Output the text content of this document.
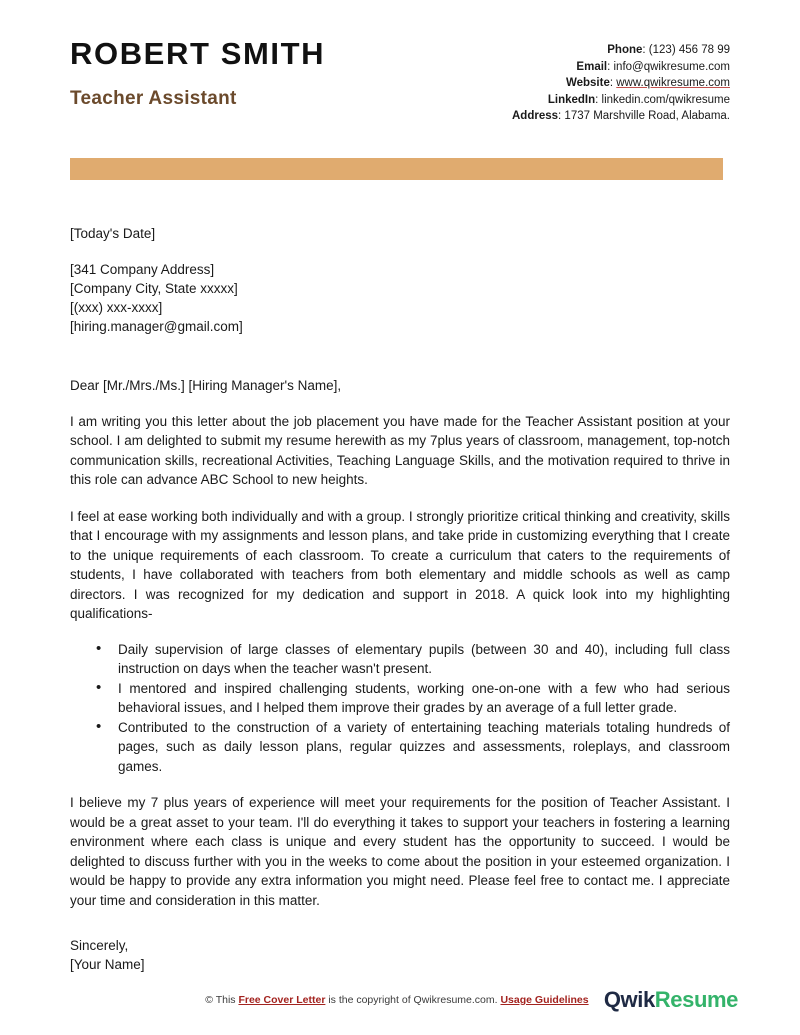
ROBERT SMITH
Teacher Assistant
Phone: (123) 456 78 99
Email: info@qwikresume.com
Website: www.qwikresume.com
LinkedIn: linkedin.com/qwikresume
Address: 1737 Marshville Road, Alabama.
[Today's Date]
[341 Company Address]
[Company City, State xxxxx]
[(xxx) xxx-xxxx]
[hiring.manager@gmail.com]
Dear [Mr./Mrs./Ms.] [Hiring Manager's Name],

I am writing you this letter about the job placement you have made for the Teacher Assistant position at your school. I am delighted to submit my resume herewith as my 7plus years of classroom, management, top-notch communication skills, recreational Activities, Teaching Language Skills, and the motivation required to thrive in this role can advance ABC School to new heights.

I feel at ease working both individually and with a group. I strongly prioritize critical thinking and creativity, skills that I encourage with my assignments and lesson plans, and take pride in customizing everything that I create to the unique requirements of each classroom. To create a curriculum that caters to the requirements of students, I have collaborated with teachers from both elementary and middle schools as well as camp directors. I was recognized for my dedication and support in 2018. A quick look into my highlighting qualifications-

• Daily supervision of large classes of elementary pupils (between 30 and 40), including full class instruction on days when the teacher wasn't present.
• I mentored and inspired challenging students, working one-on-one with a few who had serious behavioral issues, and I helped them improve their grades by an average of a full letter grade.
• Contributed to the construction of a variety of entertaining teaching materials totaling hundreds of pages, such as daily lesson plans, regular quizzes and assessments, roleplays, and classroom games.

I believe my 7 plus years of experience will meet your requirements for the position of Teacher Assistant. I would be a great asset to your team. I'll do everything it takes to support your teachers in fostering a learning environment where each class is unique and every student has the opportunity to succeed. I would be delighted to discuss further with you in the weeks to come about the position in your esteemed organization. I would be happy to provide any extra information you might need. Please feel free to contact me. I appreciate your time and consideration in this matter.

Sincerely,
[Your Name]
© This Free Cover Letter is the copyright of Qwikresume.com. Usage Guidelines QwikResume
